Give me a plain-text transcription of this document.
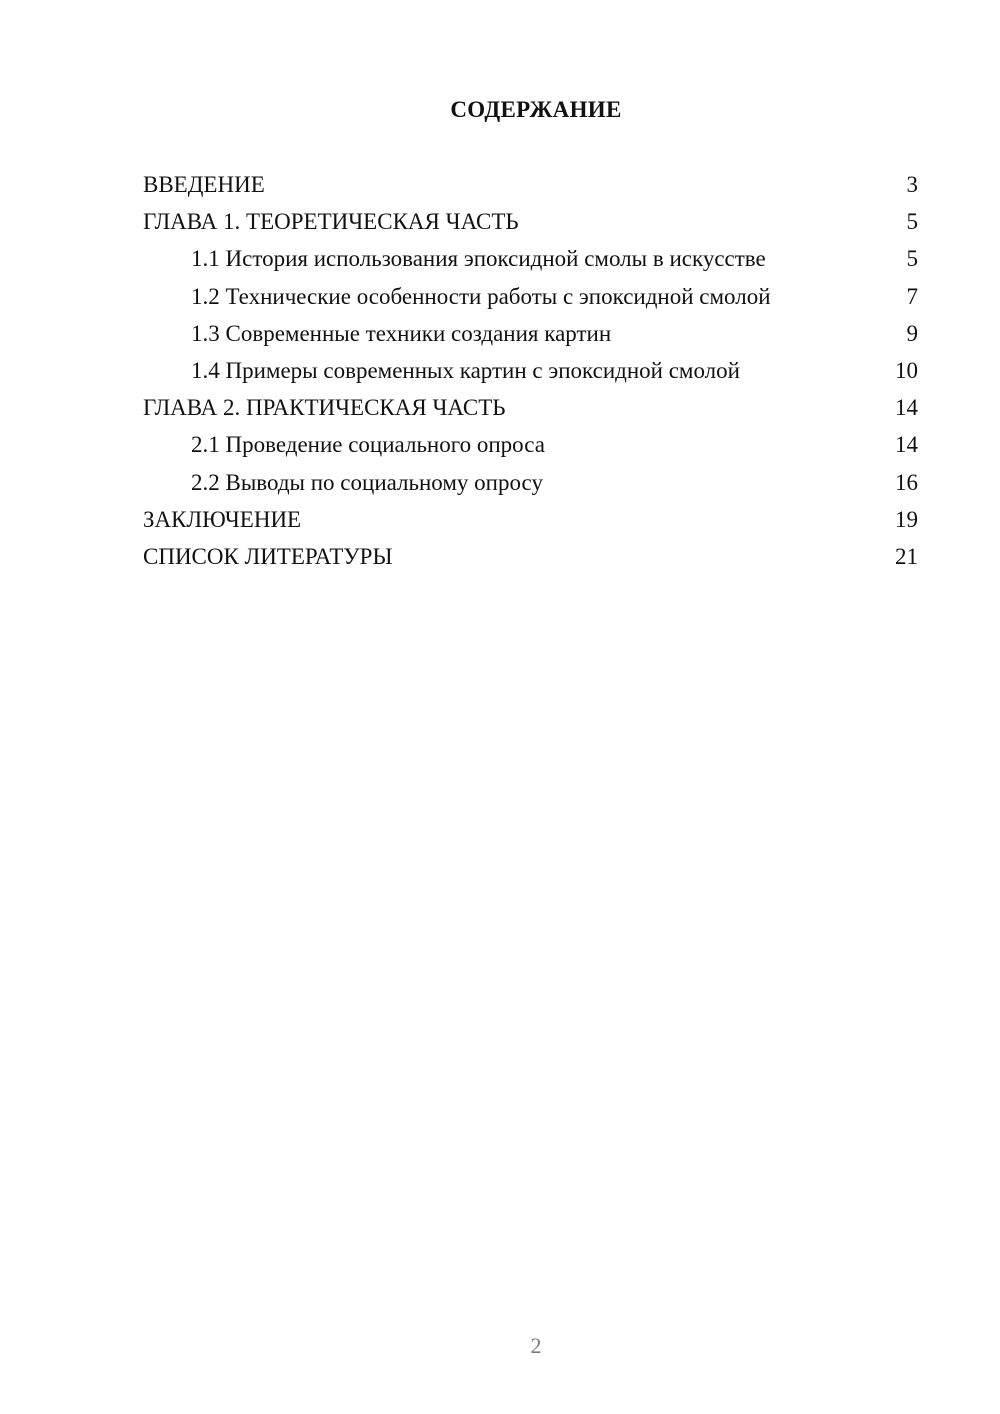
СОДЕРЖАНИЕ
ВВЕДЕНИЕ	3
ГЛАВА 1. ТЕОРЕТИЧЕСКАЯ ЧАСТЬ	5
1.1 История использования эпоксидной смолы в искусстве	5
1.2 Технические особенности работы с эпоксидной смолой	7
1.3 Современные техники создания картин	9
1.4 Примеры современных картин с эпоксидной смолой	10
ГЛАВА 2. ПРАКТИЧЕСКАЯ ЧАСТЬ	14
2.1 Проведение социального опроса	14
2.2 Выводы по социальному опросу	16
ЗАКЛЮЧЕНИЕ	19
СПИСОК ЛИТЕРАТУРЫ	21
2
